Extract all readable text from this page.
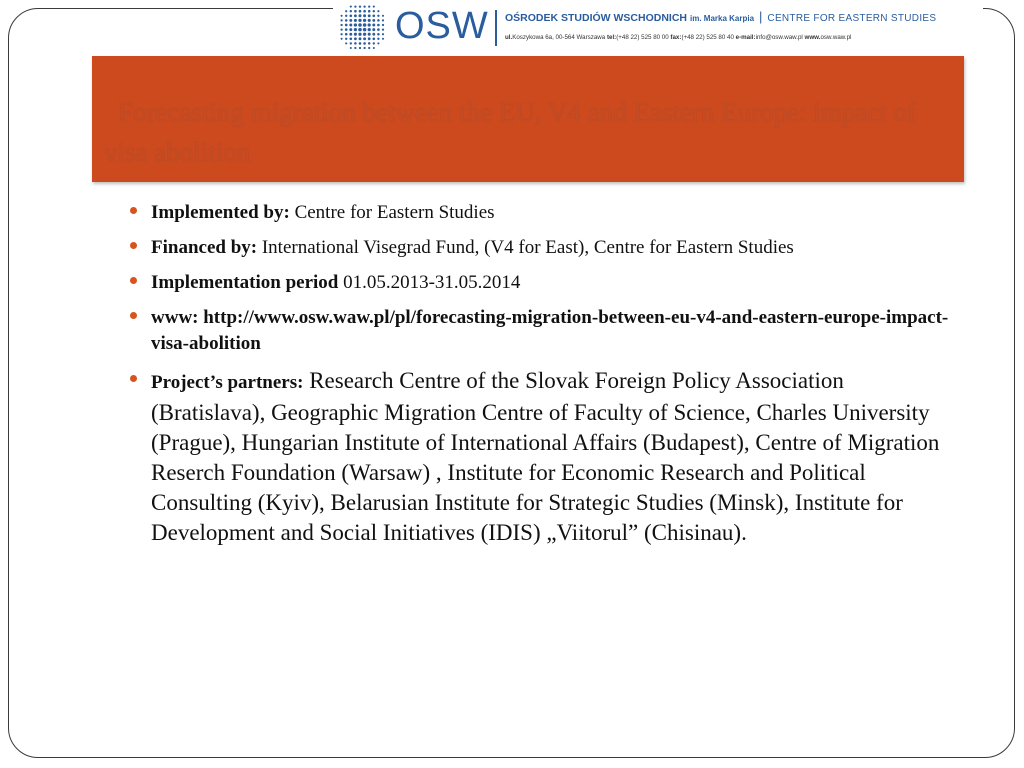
OSW OŚRODEK STUDIÓW WSCHODNICH im. Marka Karpia | CENTRE FOR EASTERN STUDIES
ul.Koszykowa 6a, 00-564 Warszawa tel:(+48 22) 525 80 00 fax:(+48 22) 525 80 40 e-mail:info@osw.waw.pl www.osw.waw.pl
Forecasting migration between the EU, V4 and Eastern Europe: impact of visa abolition
Implemented by: Centre for Eastern Studies
Financed by: International Visegrad Fund, (V4 for East), Centre for Eastern Studies
Implementation period 01.05.2013-31.05.2014
www: http://www.osw.waw.pl/pl/forecasting-migration-between-eu-v4-and-eastern-europe-impact-visa-abolition
Project’s partners: Research Centre of the Slovak Foreign Policy Association (Bratislava), Geographic Migration Centre of Faculty of Science, Charles University (Prague), Hungarian Institute of International Affairs (Budapest), Centre of Migration Reserch Foundation (Warsaw) , Institute for Economic Research and Political Consulting (Kyiv), Belarusian Institute for Strategic Studies (Minsk), Institute for Development and Social Initiatives (IDIS) „Viitorul” (Chisinau).
